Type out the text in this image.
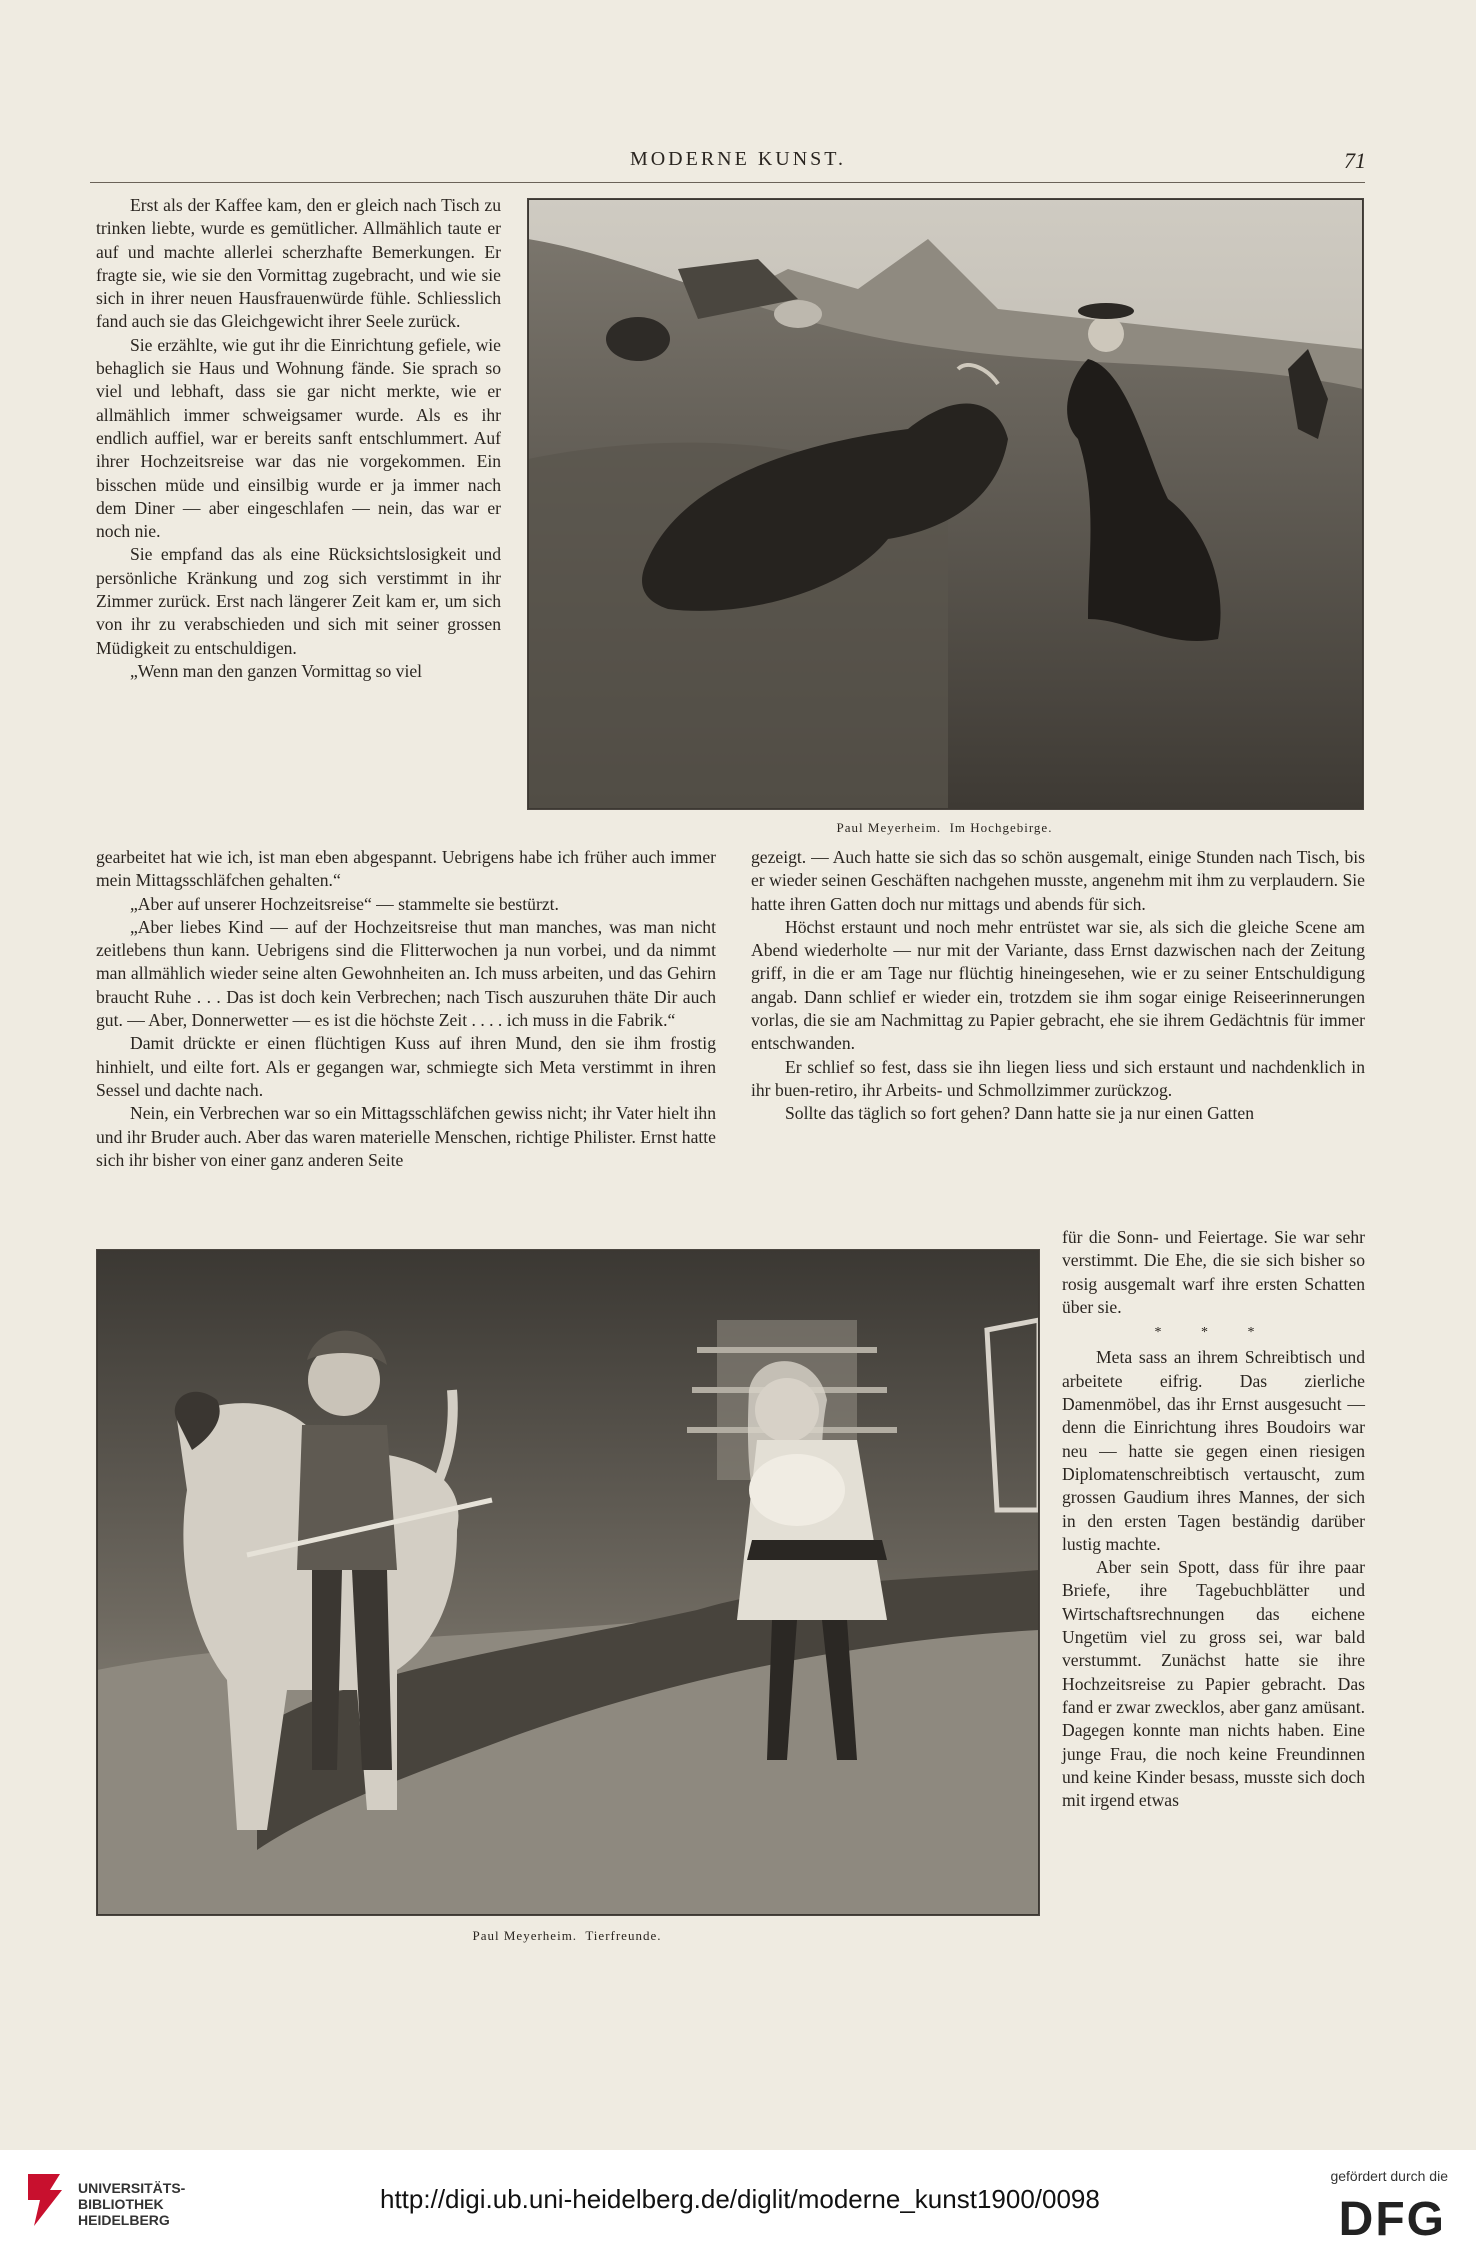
MODERNE KUNST.	71

Erst als der Kaffee kam, den er gleich nach Tisch zu trinken liebte, wurde es gemütlicher. Allmählich taute er auf und machte allerlei scherzhafte Bemerkungen. Er fragte sie, wie sie den Vormittag zugebracht, und wie sie sich in ihrer neuen Hausfrauenwürde fühle. Schliesslich fand auch sie das Gleichgewicht ihrer Seele zurück.

Sie erzählte, wie gut ihr die Einrichtung gefiele, wie behaglich sie Haus und Wohnung fände. Sie sprach so viel und lebhaft, dass sie gar nicht merkte, wie er allmählich immer schweigsamer wurde. Als es ihr endlich auffiel, war er bereits sanft entschlummert. Auf ihrer Hochzeitsreise war das nie vorgekommen. Ein bisschen müde und einsilbig wurde er ja immer nach dem Diner — aber eingeschlafen — nein, das war er noch nie.

Sie empfand das als eine Rücksichtslosigkeit und persönliche Kränkung und zog sich verstimmt in ihr Zimmer zurück. Erst nach längerer Zeit kam er, um sich von ihr zu verabschieden und sich mit seiner grossen Müdigkeit zu entschuldigen.

„Wenn man den ganzen Vormittag so viel

Paul Meyerheim. Im Hochgebirge.

gearbeitet hat wie ich, ist man eben abgespannt. Uebrigens habe ich früher auch immer mein Mittagsschläfchen gehalten.“

„Aber auf unserer Hochzeitsreise“ — stammelte sie bestürzt.

„Aber liebes Kind — auf der Hochzeitsreise thut man manches, was man nicht zeitlebens thun kann. Uebrigens sind die Flitterwochen ja nun vorbei, und da nimmt man allmählich wieder seine alten Gewohnheiten an. Ich muss arbeiten, und das Gehirn braucht Ruhe . . . Das ist doch kein Verbrechen; nach Tisch auszuruhen thäte Dir auch gut. — Aber, Donnerwetter — es ist die höchste Zeit . . . . ich muss in die Fabrik.“

Damit drückte er einen flüchtigen Kuss auf ihren Mund, den sie ihm frostig hinhielt, und eilte fort. Als er gegangen war, schmiegte sich Meta verstimmt in ihren Sessel und dachte nach.

Nein, ein Verbrechen war so ein Mittagsschläfchen gewiss nicht; ihr Vater hielt ihn und ihr Bruder auch. Aber das waren materielle Menschen, richtige Philister. Ernst hatte sich ihr bisher von einer ganz anderen Seite

gezeigt. — Auch hatte sie sich das so schön ausgemalt, einige Stunden nach Tisch, bis er wieder seinen Geschäften nachgehen musste, angenehm mit ihm zu verplaudern. Sie hatte ihren Gatten doch nur mittags und abends für sich.

Höchst erstaunt und noch mehr entrüstet war sie, als sich die gleiche Scene am Abend wiederholte — nur mit der Variante, dass Ernst dazwischen nach der Zeitung griff, in die er am Tage nur flüchtig hineingesehen, wie er zu seiner Entschuldigung angab. Dann schlief er wieder ein, trotzdem sie ihm sogar einige Reiseerinnerungen vorlas, die sie am Nachmittag zu Papier gebracht, ehe sie ihrem Gedächtnis für immer entschwanden.

Er schlief so fest, dass sie ihn liegen liess und sich erstaunt und nachdenklich in ihr buen-retiro, ihr Arbeits- und Schmollzimmer zurückzog.

Sollte das täglich so fort gehen? Dann hatte sie ja nur einen Gatten

Paul Meyerheim. Tierfreunde.

für die Sonn- und Feiertage. Sie war sehr verstimmt. Die Ehe, die sie sich bisher so rosig ausgemalt warf ihre ersten Schatten über sie.

* * *

Meta sass an ihrem Schreibtisch und arbeitete eifrig. Das zierliche Damenmöbel, das ihr Ernst ausgesucht — denn die Einrichtung ihres Boudoirs war neu — hatte sie gegen einen riesigen Diplomatenschreibtisch vertauscht, zum grossen Gaudium ihres Mannes, der sich in den ersten Tagen beständig darüber lustig machte.

Aber sein Spott, dass für ihre paar Briefe, ihre Tagebuchblätter und Wirtschaftsrechnungen das eichene Ungetüm viel zu gross sei, war bald verstummt. Zunächst hatte sie ihre Hochzeitsreise zu Papier gebracht. Das fand er zwar zwecklos, aber ganz amüsant. Dagegen konnte man nichts haben. Eine junge Frau, die noch keine Freundinnen und keine Kinder besass, musste sich doch mit irgend etwas

UNIVERSITÄTS-
BIBLIOTHEK
HEIDELBERG
http://digi.ub.uni-heidelberg.de/diglit/moderne_kunst1900/0098
gefördert durch die
DFG
